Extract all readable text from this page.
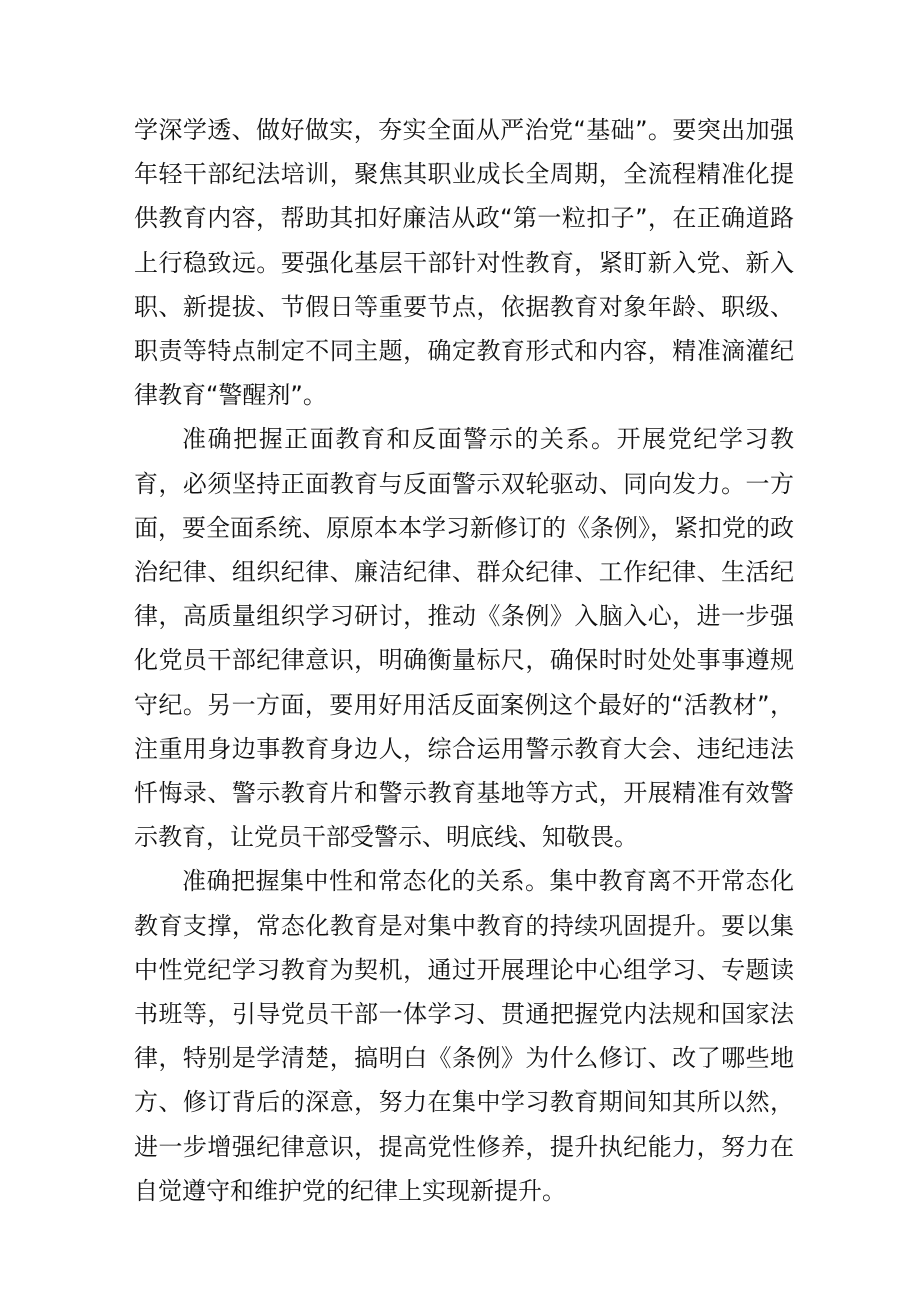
学深学透、做好做实，夯实全面从严治党“基础”。要突出加强年轻干部纪法培训，聚焦其职业成长全周期，全流程精准化提供教育内容，帮助其扣好廉洁从政“第一粒扣子”，在正确道路上行稳致远。要强化基层干部针对性教育，紧盯新入党、新入职、新提拔、节假日等重要节点，依据教育对象年龄、职级、职责等特点制定不同主题，确定教育形式和内容，精准滴灌纪律教育“警醒剂”。

准确把握正面教育和反面警示的关系。开展党纪学习教育，必须坚持正面教育与反面警示双轮驱动、同向发力。一方面，要全面系统、原原本本学习新修订的《条例》，紧扣党的政治纪律、组织纪律、廉洁纪律、群众纪律、工作纪律、生活纪律，高质量组织学习研讨，推动《条例》入脑入心，进一步强化党员干部纪律意识，明确衡量标尺，确保时时处处事事遵规守纪。另一方面，要用好用活反面案例这个最好的“活教材”，注重用身边事教育身边人，综合运用警示教育大会、违纪违法忏悔录、警示教育片和警示教育基地等方式，开展精准有效警示教育，让党员干部受警示、明底线、知敬畏。

准确把握集中性和常态化的关系。集中教育离不开常态化教育支撑，常态化教育是对集中教育的持续巩固提升。要以集中性党纪学习教育为契机，通过开展理论中心组学习、专题读书班等，引导党员干部一体学习、贯通把握党内法规和国家法律，特别是学清楚，搞明白《条例》为什么修订、改了哪些地方、修订背后的深意，努力在集中学习教育期间知其所以然，进一步增强纪律意识，提高党性修养，提升执纪能力，努力在自觉遵守和维护党的纪律上实现新提升。
